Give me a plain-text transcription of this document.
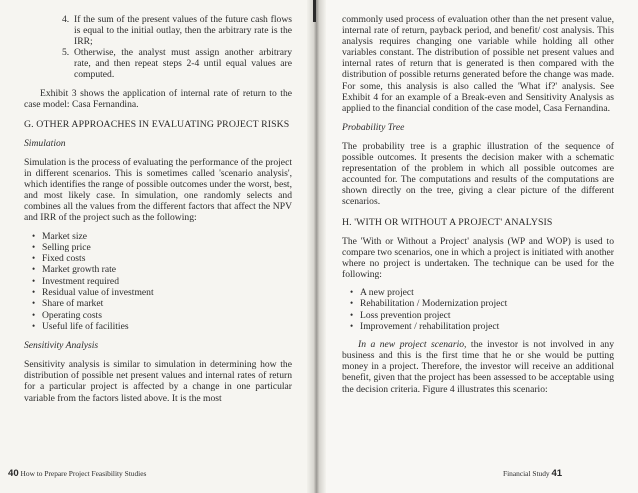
4. If the sum of the present values of the future cash flows is equal to the initial outlay, then the arbitrary rate is the IRR;
5. Otherwise, the analyst must assign another arbitrary rate, and then repeat steps 2-4 until equal values are computed.

Exhibit 3 shows the application of internal rate of return to the case model: Casa Fernandina.

G. OTHER APPROACHES IN EVALUATING PROJECT RISKS
Simulation

Simulation is the process of evaluating the performance of the project in different scenarios. This is sometimes called 'scenario analysis', which identifies the range of possible outcomes under the worst, best, and most likely case. In simulation, one randomly selects and combines all the values from the different factors that affect the NPV and IRR of the project such as the following:

• Market size
• Selling price
• Fixed costs
• Market growth rate
• Investment required
• Residual value of investment
• Share of market
• Operating costs
• Useful life of facilities
Sensitivity Analysis

Sensitivity analysis is similar to simulation in determining how the distribution of possible net present values and internal rates of return for a particular project is affected by a change in one particular variable from the factors listed above. It is the most

40 How to Prepare Project Feasibility Studies

commonly used process of evaluation other than the net present value, internal rate of return, payback period, and benefit/ cost analysis. This analysis requires changing one variable while holding all other variables constant. The distribution of possible net present values and internal rates of return that is generated is then compared with the distribution of possible returns generated before the change was made. For some, this analysis is also called the 'What if?' analysis. See Exhibit 4 for an example of a Break-even and Sensitivity Analysis as applied to the financial condition of the case model, Casa Fernandina.

Probability Tree

The probability tree is a graphic illustration of the sequence of possible outcomes. It presents the decision maker with a schematic representation of the problem in which all possible outcomes are accounted for. The computations and results of the computations are shown directly on the tree, giving a clear picture of the different scenarios.

H. 'WITH OR WITHOUT A PROJECT' ANALYSIS

The 'With or Without a Project' analysis (WP and WOP) is used to compare two scenarios, one in which a project is initiated with another where no project is undertaken. The technique can be used for the following:

• A new project
• Rehabilitation / Modernization project
• Loss prevention project
• Improvement / rehabilitation project

In a new project scenario, the investor is not involved in any business and this is the first time that he or she would be putting money in a project. Therefore, the investor will receive an additional benefit, given that the project has been assessed to be acceptable using the decision criteria. Figure 4 illustrates this scenario:

Financial Study 41
